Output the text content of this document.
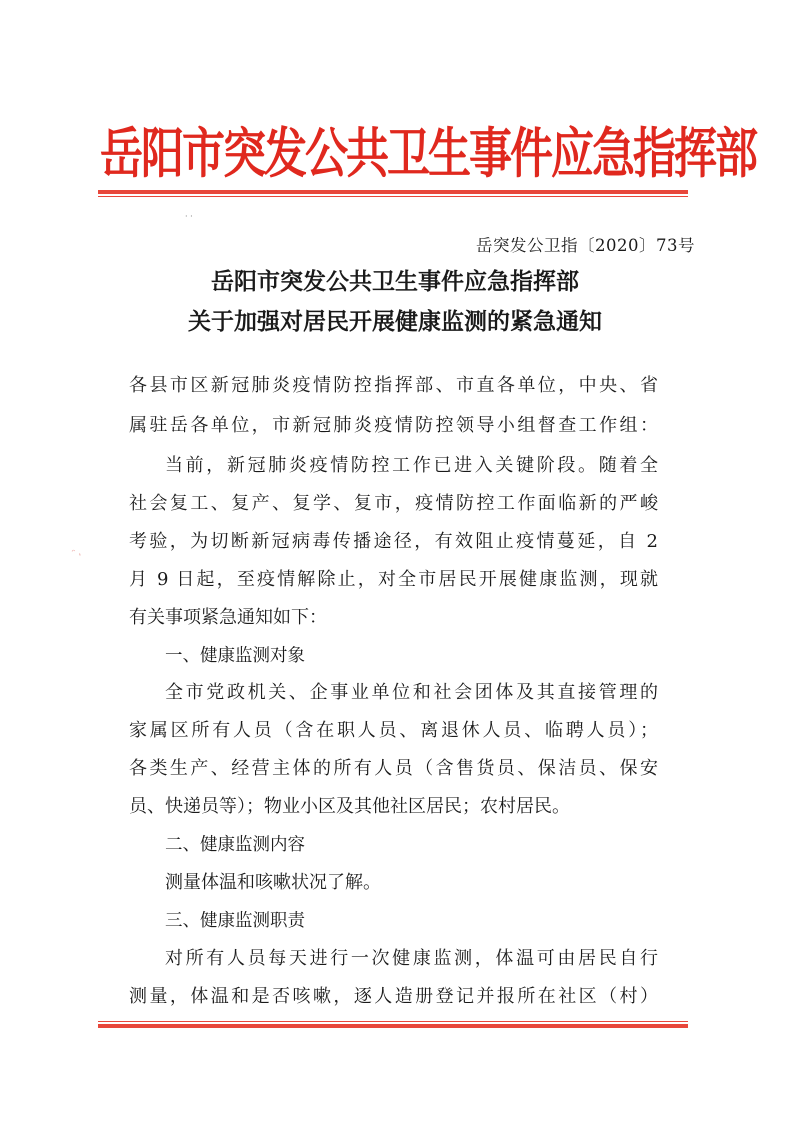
岳阳市突发公共卫生事件应急指挥部
· ·
岳突发公卫指〔2020〕73号
岳阳市突发公共卫生事件应急指挥部
关于加强对居民开展健康监测的紧急通知
各县市区新冠肺炎疫情防控指挥部、市直各单位，中央、省
属驻岳各单位，市新冠肺炎疫情防控领导小组督查工作组：
当前，新冠肺炎疫情防控工作已进入关键阶段。随着全
社会复工、复产、复学、复市，疫情防控工作面临新的严峻
考验，为切断新冠病毒传播途径，有效阻止疫情蔓延，自 2
月 9 日起，至疫情解除止，对全市居民开展健康监测，现就
有关事项紧急通知如下：
一、健康监测对象
全市党政机关、企事业单位和社会团体及其直接管理的
家属区所有人员（含在职人员、离退休人员、临聘人员）；
各类生产、经营主体的所有人员（含售货员、保洁员、保安
员、快递员等）；物业小区及其他社区居民；农村居民。
二、健康监测内容
测量体温和咳嗽状况了解。
三、健康监测职责
对所有人员每天进行一次健康监测，体温可由居民自行
测量，体温和是否咳嗽，逐人造册登记并报所在社区（村）
ᵔ ˌ
